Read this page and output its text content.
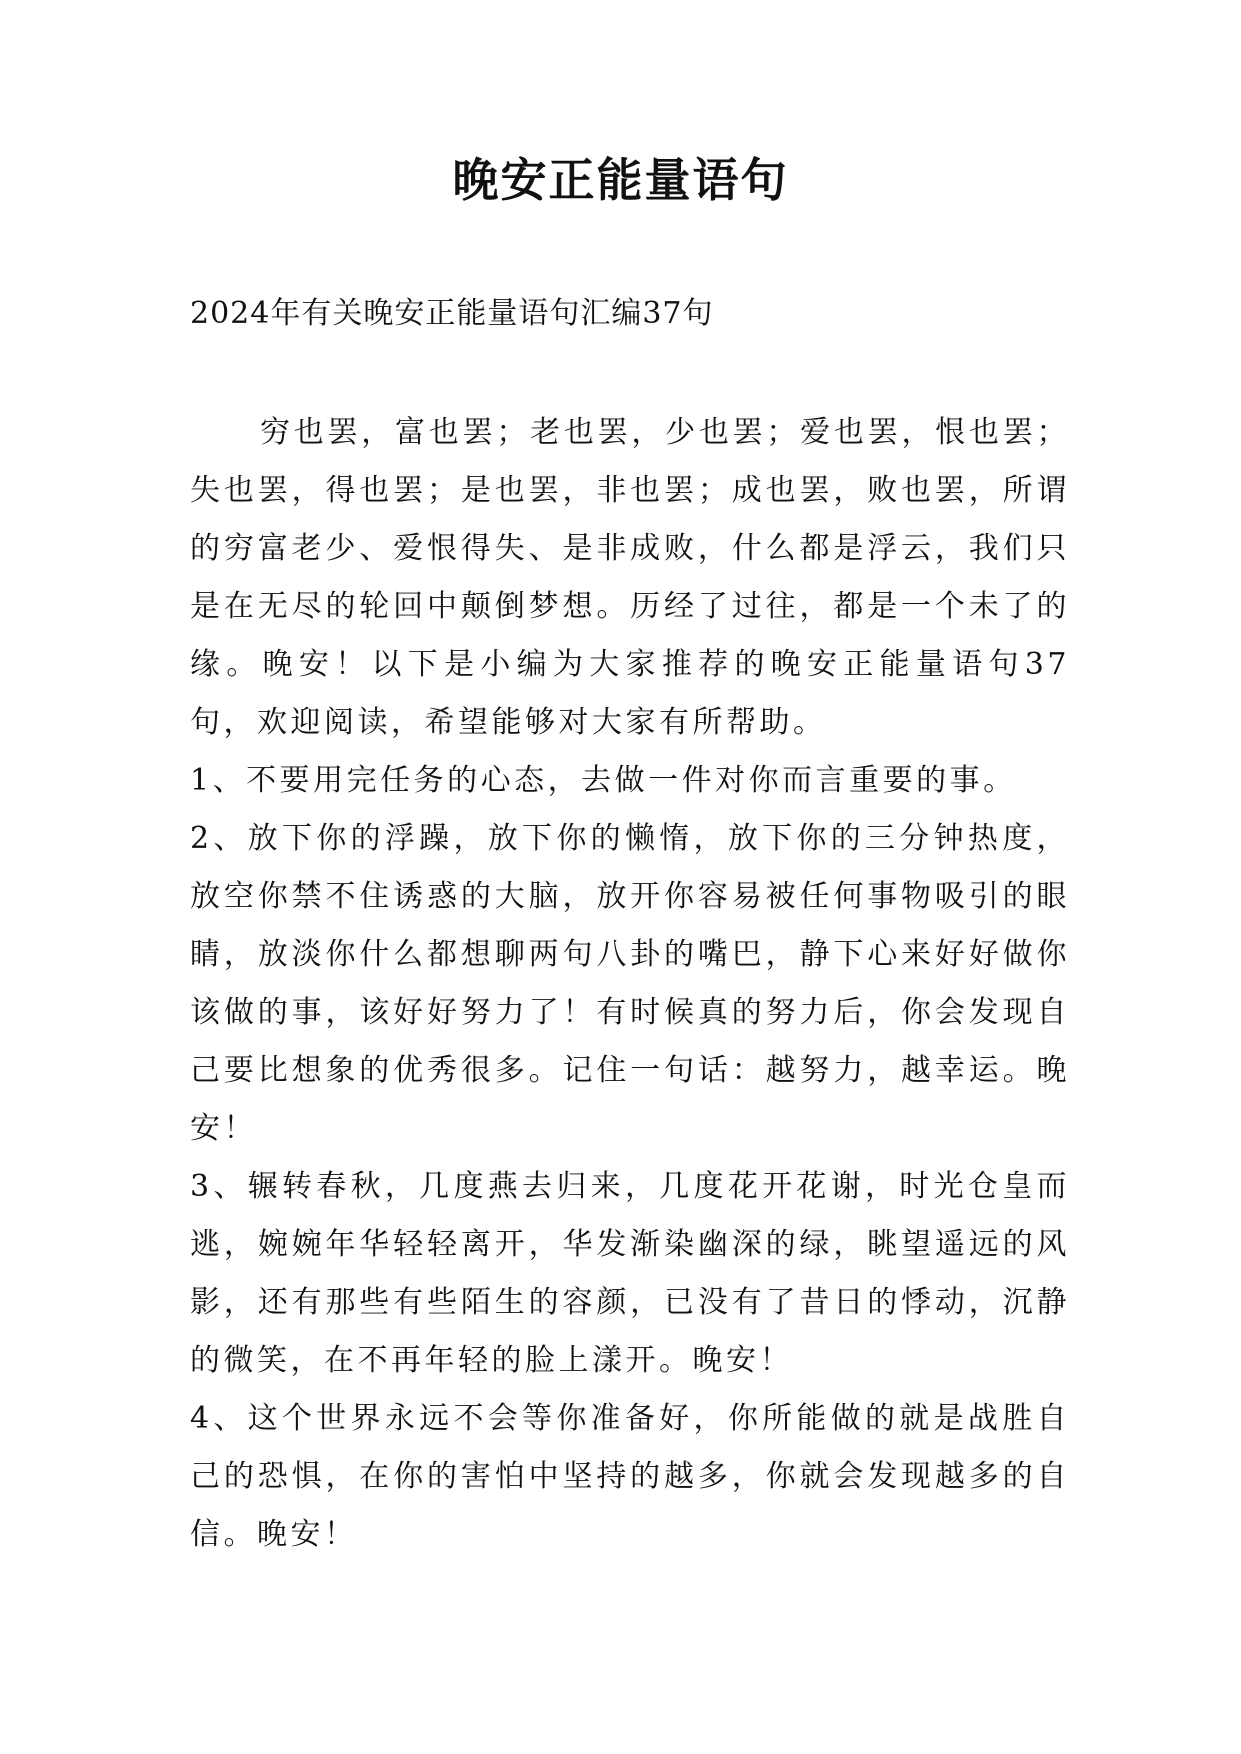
晚安正能量语句
2024年有关晚安正能量语句汇编37句

穷也罢，富也罢；老也罢，少也罢；爱也罢，恨也罢；失也罢，得也罢；是也罢，非也罢；成也罢，败也罢，所谓的穷富老少、爱恨得失、是非成败，什么都是浮云，我们只是在无尽的轮回中颠倒梦想。历经了过往，都是一个未了的缘。晚安！以下是小编为大家推荐的晚安正能量语句37句，欢迎阅读，希望能够对大家有所帮助。

1、不要用完任务的心态，去做一件对你而言重要的事。

2、放下你的浮躁，放下你的懒惰，放下你的三分钟热度，放空你禁不住诱惑的大脑，放开你容易被任何事物吸引的眼睛，放淡你什么都想聊两句八卦的嘴巴，静下心来好好做你该做的事，该好好努力了！有时候真的努力后，你会发现自己要比想象的优秀很多。记住一句话：越努力，越幸运。晚安！

3、辗转春秋，几度燕去归来，几度花开花谢，时光仓皇而逃，婉婉年华轻轻离开，华发渐染幽深的绿，眺望遥远的风影，还有那些有些陌生的容颜，已没有了昔日的悸动，沉静的微笑，在不再年轻的脸上漾开。晚安！

4、这个世界永远不会等你准备好，你所能做的就是战胜自己的恐惧，在你的害怕中坚持的越多，你就会发现越多的自信。晚安！
